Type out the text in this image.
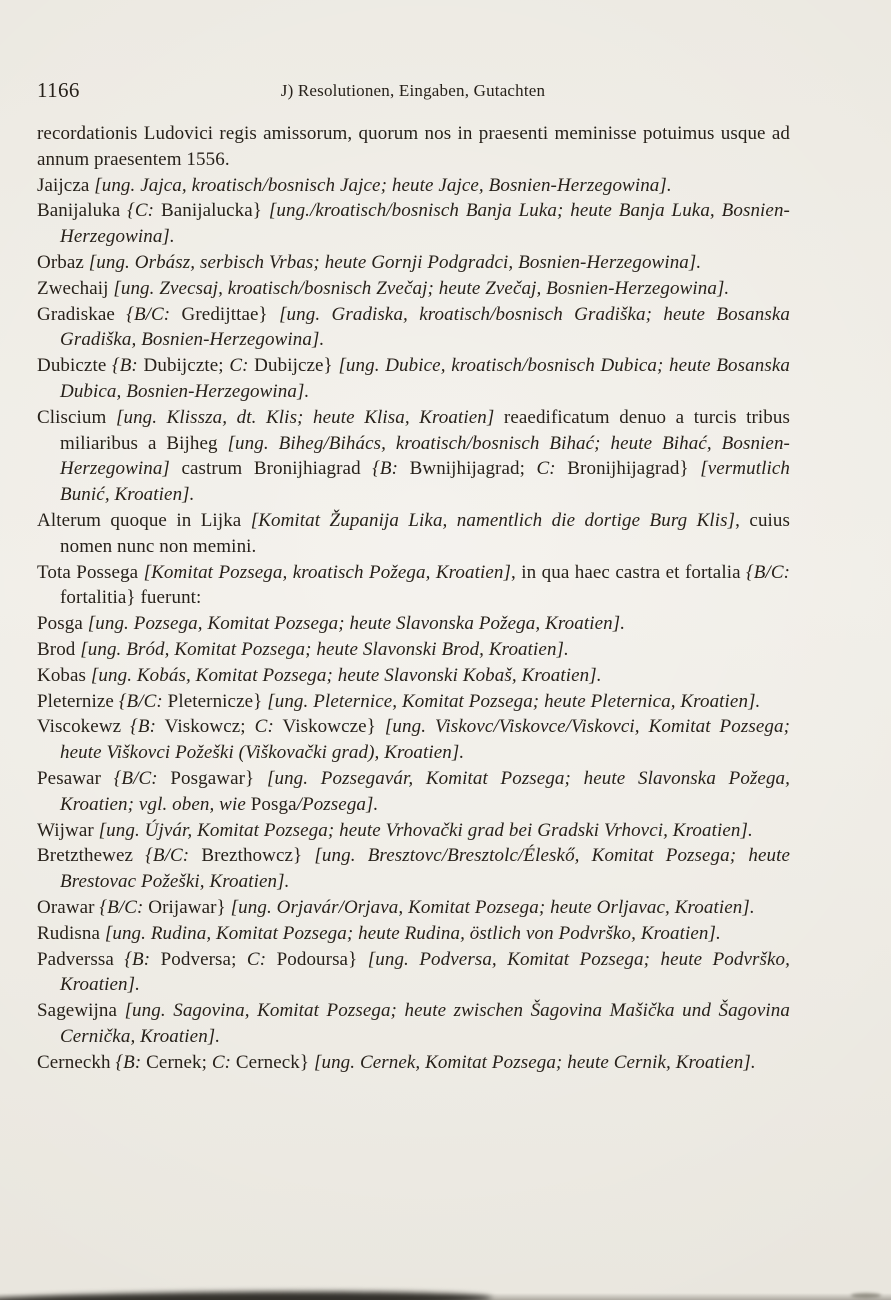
1166	J) Resolutionen, Eingaben, Gutachten

recordationis Ludovici regis amissorum, quorum nos in praesenti meminisse potuimus usque ad annum praesentem 1556.

Jaijcza [ung. Jajca, kroatisch/bosnisch Jajce; heute Jajce, Bosnien-Herzegowina].

Banijaluka {C: Banijalucka} [ung./kroatisch/bosnisch Banja Luka; heute Banja Luka, Bosnien-Herzegowina].

Orbaz [ung. Orbász, serbisch Vrbas; heute Gornji Podgradci, Bosnien-Herzegowina].

Zwechaij [ung. Zvecsaj, kroatisch/bosnisch Zvečaj; heute Zvečaj, Bosnien-Herzegowina].

Gradiskae {B/C: Gredijttae} [ung. Gradiska, kroatisch/bosnisch Gradiška; heute Bosanska Gradiška, Bosnien-Herzegowina].

Dubiczte {B: Dubijczte; C: Dubijcze} [ung. Dubice, kroatisch/bosnisch Dubica; heute Bosanska Dubica, Bosnien-Herzegowina].

Cliscium [ung. Klissza, dt. Klis; heute Klisa, Kroatien] reaedificatum denuo a turcis tribus miliaribus a Bijheg [ung. Biheg/Bihács, kroatisch/bosnisch Bihać; heute Bihać, Bosnien-Herzegowina] castrum Bronijhiagrad {B: Bwnijhijagrad; C: Bronijhijagrad} [vermutlich Bunić, Kroatien].

Alterum quoque in Lijka [Komitat Županija Lika, namentlich die dortige Burg Klis], cuius nomen nunc non memini.

Tota Possega [Komitat Pozsega, kroatisch Požega, Kroatien], in qua haec castra et fortalia {B/C: fortalitia} fuerunt:

Posga [ung. Pozsega, Komitat Pozsega; heute Slavonska Požega, Kroatien].

Brod [ung. Bród, Komitat Pozsega; heute Slavonski Brod, Kroatien].

Kobas [ung. Kobás, Komitat Pozsega; heute Slavonski Kobaš, Kroatien].

Pleternize {B/C: Pleternicze} [ung. Pleternice, Komitat Pozsega; heute Pleternica, Kroatien].

Viscokewz {B: Viskowcz; C: Viskowcze} [ung. Viskovc/Viskovce/Viskovci, Komitat Pozsega; heute Viškovci Požeški (Viškovački grad), Kroatien].

Pesawar {B/C: Posgawar} [ung. Pozsegavár, Komitat Pozsega; heute Slavonska Požega, Kroatien; vgl. oben, wie Posga/Pozsega].

Wijwar [ung. Újvár, Komitat Pozsega; heute Vrhovački grad bei Gradski Vrhovci, Kroatien].

Bretzthewez {B/C: Brezthowcz} [ung. Bresztovc/Bresztolc/Éleskő, Komitat Pozsega; heute Brestovac Požeški, Kroatien].

Orawar {B/C: Orijawar} [ung. Orjavár/Orjava, Komitat Pozsega; heute Orljavac, Kroatien].

Rudisna [ung. Rudina, Komitat Pozsega; heute Rudina, östlich von Podvrško, Kroatien].

Padverssa {B: Podversa; C: Podoursa} [ung. Podversa, Komitat Pozsega; heute Podvrško, Kroatien].

Sagewijna [ung. Sagovina, Komitat Pozsega; heute zwischen Šagovina Mašička und Šagovina Cernička, Kroatien].

Cerneckh {B: Cernek; C: Cerneck} [ung. Cernek, Komitat Pozsega; heute Cernik, Kroatien].
